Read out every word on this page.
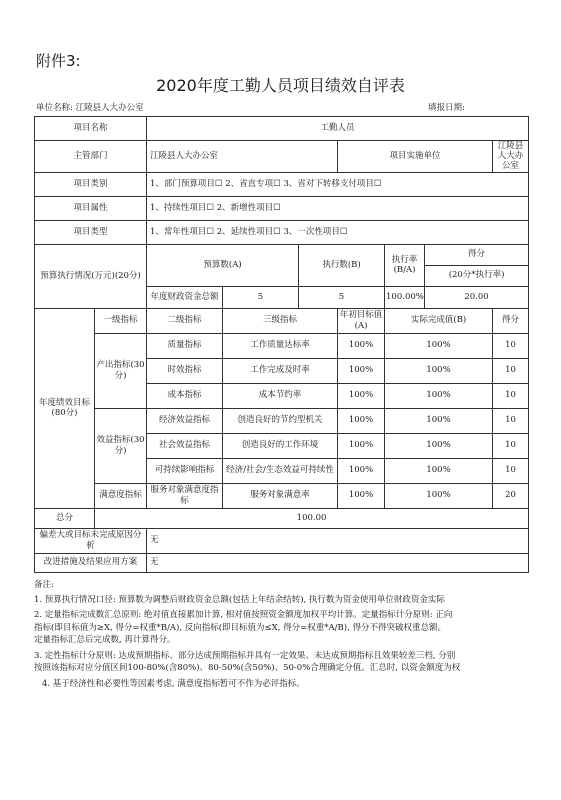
附件3:
2020年度工勤人员项目绩效自评表
单位名称: 江陵县人大办公室	填报日期:
项目名称		工勤人员						
主管部门		江陵县人大办公室			项目实施单位			江陵县人大办公室
项目类别		1、部门预算项目☐ 2、省直专项☐ 3、省对下转移支付项目☐						
项目属性		1、持续性项目☐ 2、新增性项目☐						
项目类型		1、常年性项目☐ 2、延续性项目☐ 3、一次性项目☐						
预算执行情况(万元)(20分)		预算数(A)		执行数(B)		执行率(B/A)	得分	
							(20分*执行率)	
		年度财政资金总额	5	5		100.00%	20.00	
年度绩效目标(80分)	一级指标	二级指标	三级指标		年初目标值(A)	实际完成值(B)		得分
	产出指标(30分)	质量指标	工作质量达标率		100%	100%		10
		时效指标	工作完成及时率		100%	100%		10
		成本指标	成本节约率		100%	100%		10
	效益指标(30分)	经济效益指标	创造良好的节约型机关		100%	100%		10
		社会效益指标	创造良好的工作环境		100%	100%		10
		可持续影响指标	经济/社会/生态效益可持续性		100%	100%		10
	满意度指标	服务对象满意度指标	服务对象满意率		100%	100%		20
总分	100.00							
偏差大或目标未完成原因分析		无						
改进措施及结果应用方案		无						

备注:

1. 预算执行情况口径: 预算数为调整后财政资金总额(包括上年结余结转), 执行数为资金使用单位财政资金实际

2. 定量指标完成数汇总原则: 绝对值直接累加计算, 相对值按照资金额度加权平均计算。定量指标计分原则: 正向

指标(即目标值为≥X, 得分=权重*B/A), 反向指标(即目标值为≤X, 得分=权重*A/B), 得分不得突破权重总额。

定量指标汇总后完成数, 再计算得分。

3. 定性指标计分原则: 达成预期指标、部分达成预期指标并具有一定效果、未达成预期指标且效果较差三档, 分别

按照该指标对应分值区间100-80%(含80%)、80-50%(含50%)、50-0%合理确定分值。汇总时, 以资金额度为权

4. 基于经济性和必要性等因素考虑, 满意度指标暂可不作为必评指标。
